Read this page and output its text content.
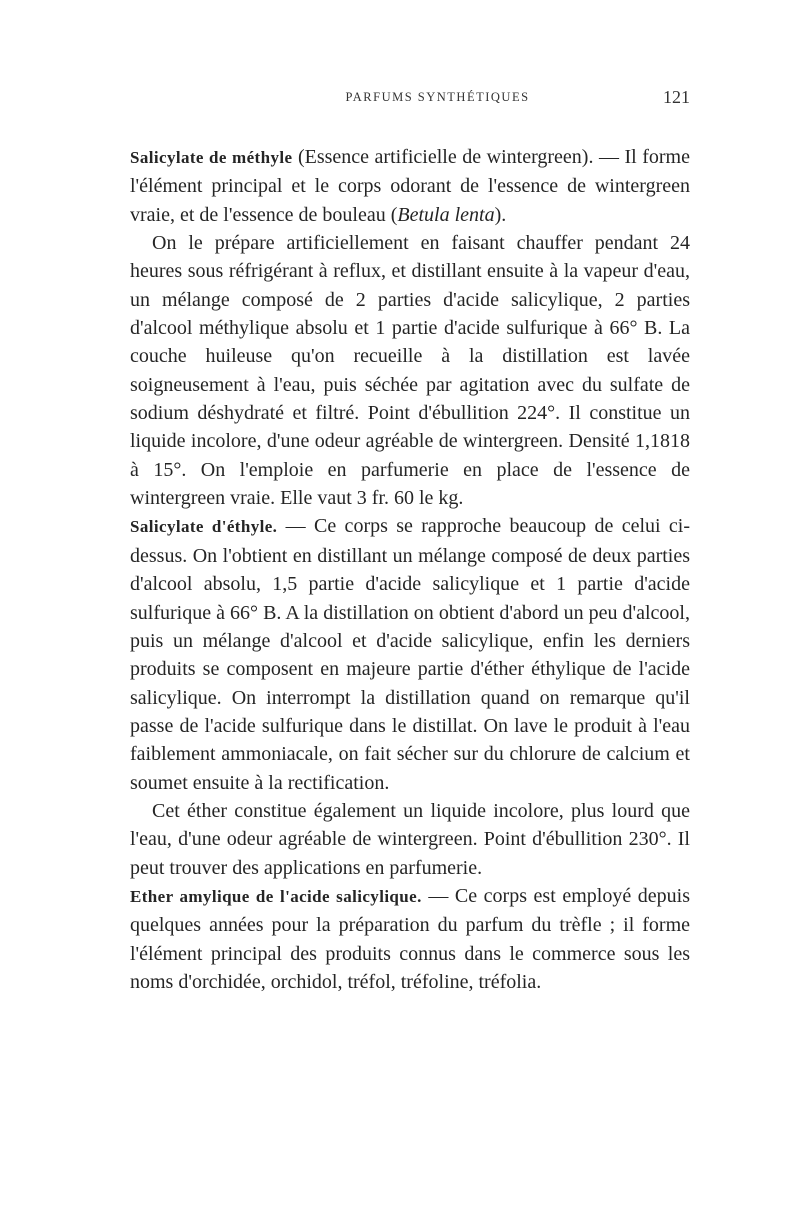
PARFUMS SYNTHÉTIQUES	121

Salicylate de méthyle (Essence artificielle de wintergreen). — Il forme l'élément principal et le corps odorant de l'essence de wintergreen vraie, et de l'essence de bouleau (Betula lenta).

On le prépare artificiellement en faisant chauffer pendant 24 heures sous réfrigérant à reflux, et distillant ensuite à la vapeur d'eau, un mélange composé de 2 parties d'acide salicylique, 2 parties d'alcool méthylique absolu et 1 partie d'acide sulfurique à 66° B. La couche huileuse qu'on recueille à la distillation est lavée soigneusement à l'eau, puis séchée par agitation avec du sulfate de sodium déshydraté et filtré. Point d'ébullition 224°. Il constitue un liquide incolore, d'une odeur agréable de wintergreen. Densité 1,1818 à 15°. On l'emploie en parfumerie en place de l'essence de wintergreen vraie. Elle vaut 3 fr. 60 le kg.

Salicylate d'éthyle. — Ce corps se rapproche beaucoup de celui ci-dessus. On l'obtient en distillant un mélange composé de deux parties d'alcool absolu, 1,5 partie d'acide salicylique et 1 partie d'acide sulfurique à 66° B. A la distillation on obtient d'abord un peu d'alcool, puis un mélange d'alcool et d'acide salicylique, enfin les derniers produits se composent en majeure partie d'éther éthylique de l'acide salicylique. On interrompt la distillation quand on remarque qu'il passe de l'acide sulfurique dans le distillat. On lave le produit à l'eau faiblement ammoniacale, on fait sécher sur du chlorure de calcium et soumet ensuite à la rectification.

Cet éther constitue également un liquide incolore, plus lourd que l'eau, d'une odeur agréable de wintergreen. Point d'ébullition 230°. Il peut trouver des applications en parfumerie.

Ether amylique de l'acide salicylique. — Ce corps est employé depuis quelques années pour la préparation du parfum du trèfle ; il forme l'élément principal des produits connus dans le commerce sous les noms d'orchidée, orchidol, tréfol, tréfoline, tréfolia.
